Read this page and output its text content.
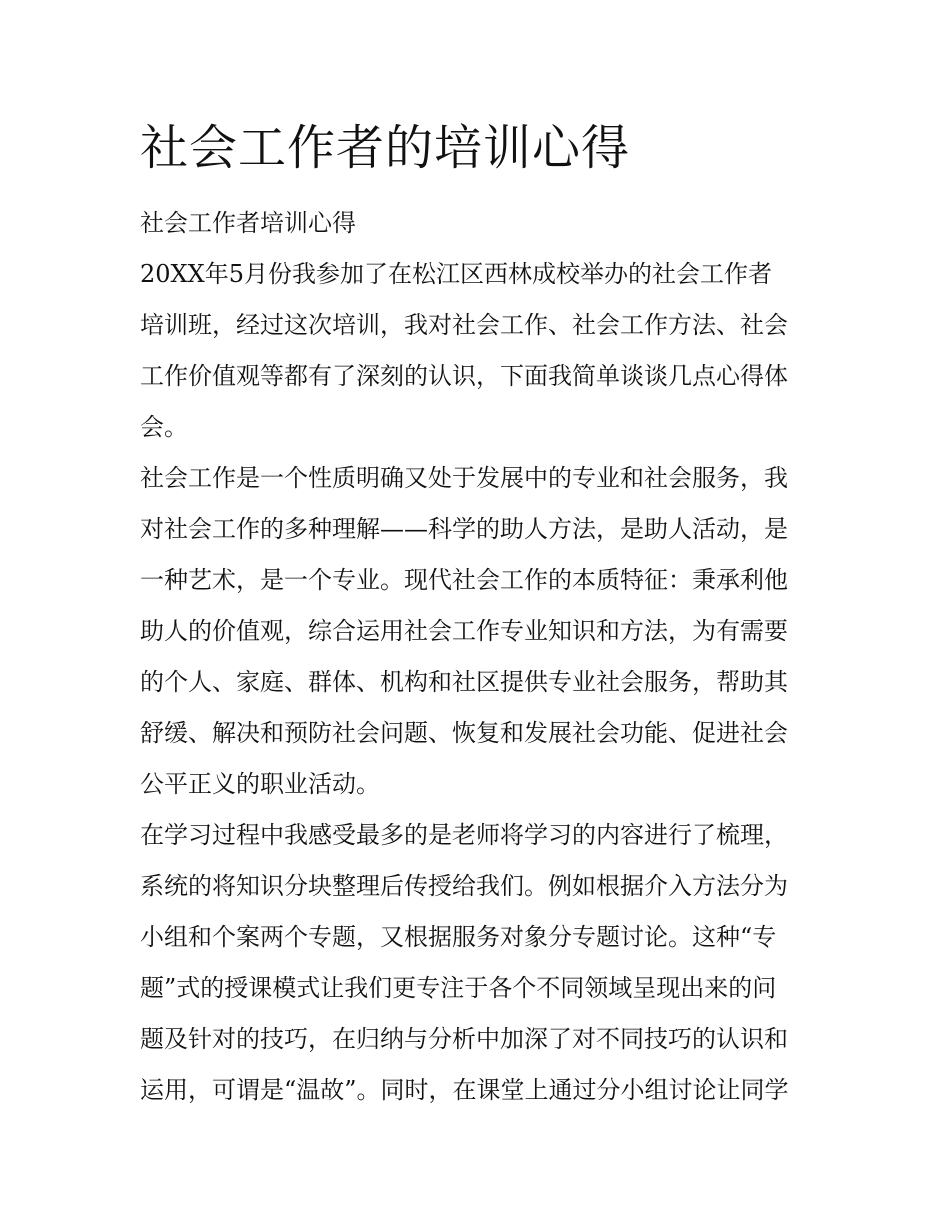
社会工作者的培训心得

社会工作者培训心得

20XX年5月份我参加了在松江区西林成校举办的社会工作者

培训班，经过这次培训，我对社会工作、社会工作方法、社会

工作价值观等都有了深刻的认识，下面我简单谈谈几点心得体

会。

社会工作是一个性质明确又处于发展中的专业和社会服务，我

对社会工作的多种理解——科学的助人方法，是助人活动，是

一种艺术，是一个专业。现代社会工作的本质特征：秉承利他

助人的价值观，综合运用社会工作专业知识和方法，为有需要

的个人、家庭、群体、机构和社区提供专业社会服务，帮助其

舒缓、解决和预防社会问题、恢复和发展社会功能、促进社会

公平正义的职业活动。

在学习过程中我感受最多的是老师将学习的内容进行了梳理，

系统的将知识分块整理后传授给我们。例如根据介入方法分为

小组和个案两个专题，又根据服务对象分专题讨论。这种“专

题”式的授课模式让我们更专注于各个不同领域呈现出来的问

题及针对的技巧，在归纳与分析中加深了对不同技巧的认识和

运用，可谓是“温故”。同时，在课堂上通过分小组讨论让同学
